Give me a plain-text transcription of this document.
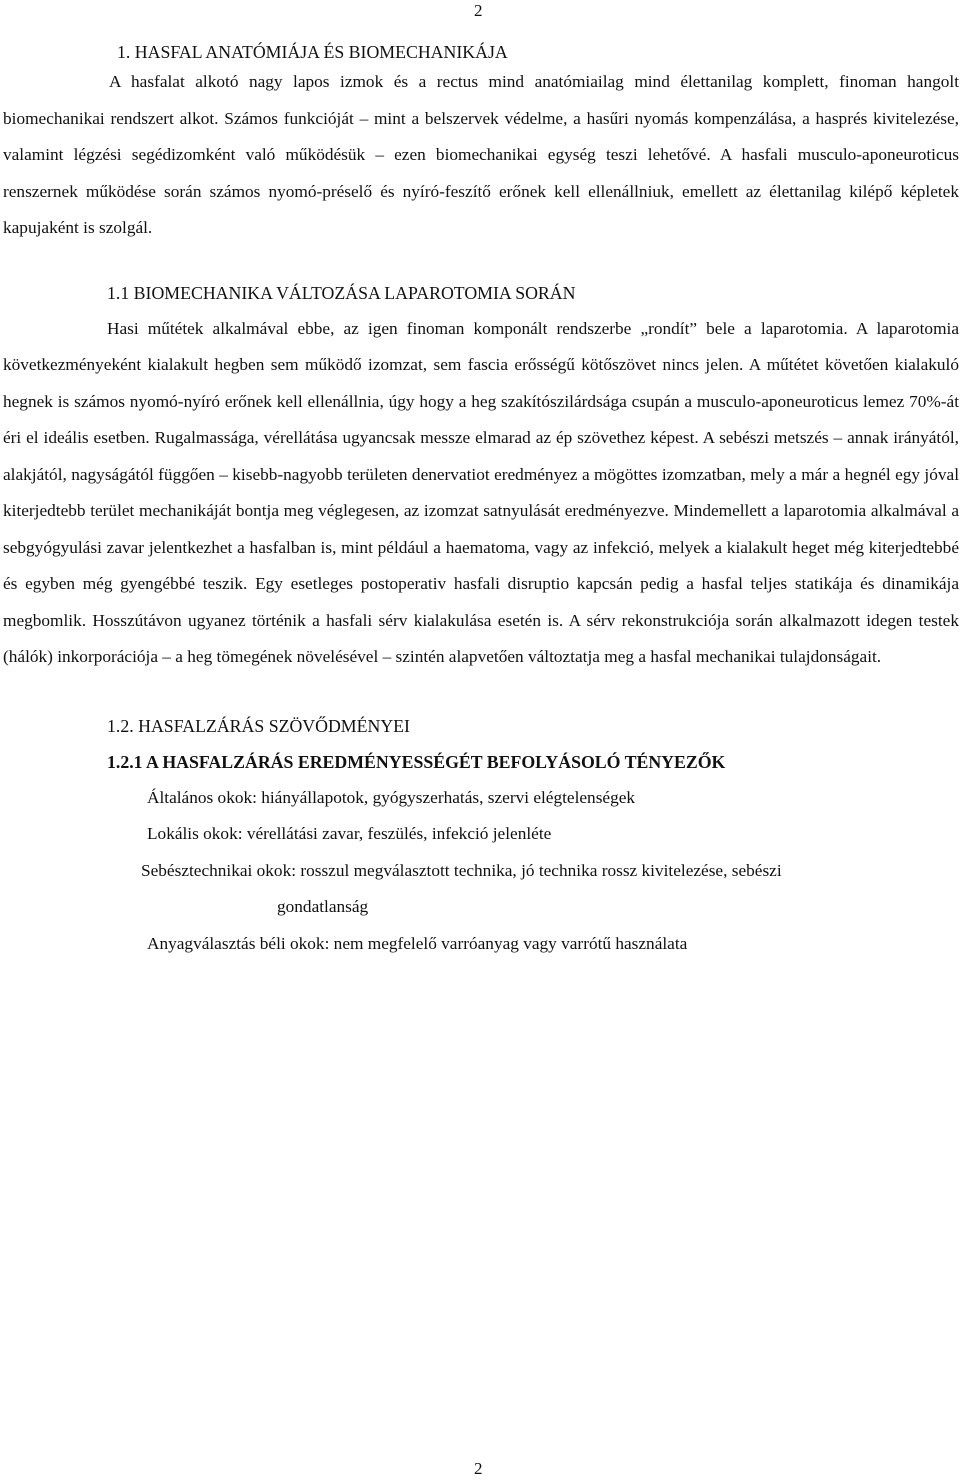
2
1. HASFAL ANATÓMIÁJA ÉS BIOMECHANIKÁJA

A hasfalat alkotó nagy lapos izmok és a rectus mind anatómiailag mind élettanilag komplett, finoman hangolt biomechanikai rendszert alkot. Számos funkcióját – mint a belszervek védelme, a hasűri nyomás kompenzálása, a hasprés kivitelezése, valamint légzési segédizomként való működésük – ezen biomechanikai egység teszi lehetővé. A hasfali musculo-aponeuroticus renszernek működése során számos nyomó-préselő és nyíró-feszítő erőnek kell ellenállniuk, emellett az élettanilag kilépő képletek kapujaként is szolgál.

1.1 BIOMECHANIKA VÁLTOZÁSA LAPAROTOMIA SORÁN

Hasi műtétek alkalmával ebbe, az igen finoman komponált rendszerbe „rondít” bele a laparotomia. A laparotomia következményeként kialakult hegben sem működő izomzat, sem fascia erősségű kötőszövet nincs jelen. A műtétet követően kialakuló hegnek is számos nyomó-nyíró erőnek kell ellenállnia, úgy hogy a heg szakítószilárdsága csupán a musculo-aponeuroticus lemez 70%-át éri el ideális esetben. Rugalmassága, vérellátása ugyancsak messze elmarad az ép szövethez képest. A sebészi metszés – annak irányától, alakjától, nagyságától függően – kisebb-nagyobb területen denervatiot eredményez a mögöttes izomzatban, mely a már a hegnél egy jóval kiterjedtebb terület mechanikáját bontja meg véglegesen, az izomzat satnyulását eredményezve. Mindemellett a laparotomia alkalmával a sebgyógyulási zavar jelentkezhet a hasfalban is, mint például a haematoma, vagy az infekció, melyek a kialakult heget még kiterjedtebbé és egyben még gyengébbé teszik. Egy esetleges postoperativ hasfali disruptio kapcsán pedig a hasfal teljes statikája és dinamikája megbomlik. Hosszútávon ugyanez történik a hasfali sérv kialakulása esetén is. A sérv rekonstrukciója során alkalmazott idegen testek (hálók) inkorporációja – a heg tömegének növelésével – szintén alapvetően változtatja meg a hasfal mechanikai tulajdonságait.

1.2. HASFALZÁRÁS SZÖVŐDMÉNYEI
1.2.1 A HASFALZÁRÁS EREDMÉNYESSÉGÉT BEFOLYÁSOLÓ TÉNYEZŐK
Általános okok: hiányállapotok, gyógyszerhatás, szervi elégtelenségek
Lokális okok: vérellátási zavar, feszülés, infekció jelenléte
Sebésztechnikai okok: rosszul megválasztott technika, jó technika rossz kivitelezése, sebészi
gondatlanság
Anyagválasztás béli okok: nem megfelelő varróanyag vagy varrótű használata
2
